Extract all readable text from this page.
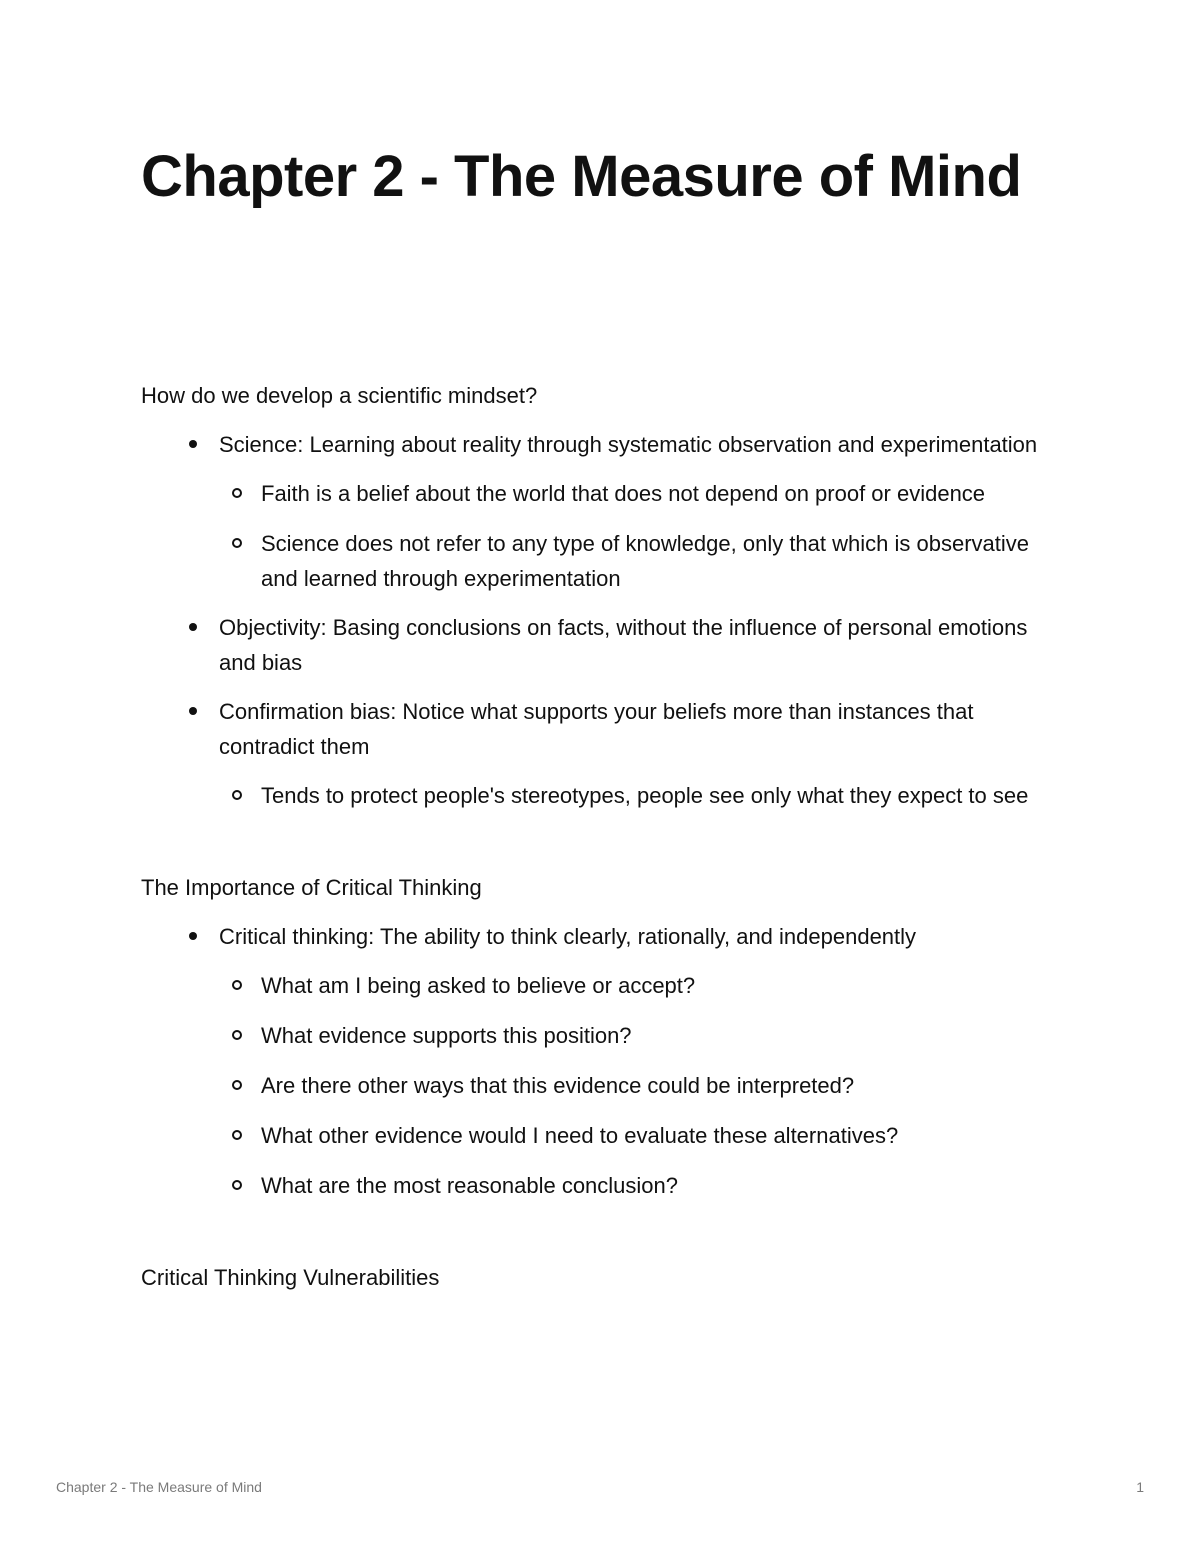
Chapter 2 - The Measure of Mind

How do we develop a scientific mindset?

Science: Learning about reality through systematic observation and experimentation
Faith is a belief about the world that does not depend on proof or evidence
Science does not refer to any type of knowledge, only that which is observative and learned through experimentation
Objectivity: Basing conclusions on facts, without the influence of personal emotions and bias
Confirmation bias: Notice what supports your beliefs more than instances that contradict them
Tends to protect people's stereotypes, people see only what they expect to see

The Importance of Critical Thinking

Critical thinking: The ability to think clearly, rationally, and independently
What am I being asked to believe or accept?
What evidence supports this position?
Are there other ways that this evidence could be interpreted?
What other evidence would I need to evaluate these alternatives?
What are the most reasonable conclusion?

Critical Thinking Vulnerabilities

Chapter 2 - The Measure of Mind	1
